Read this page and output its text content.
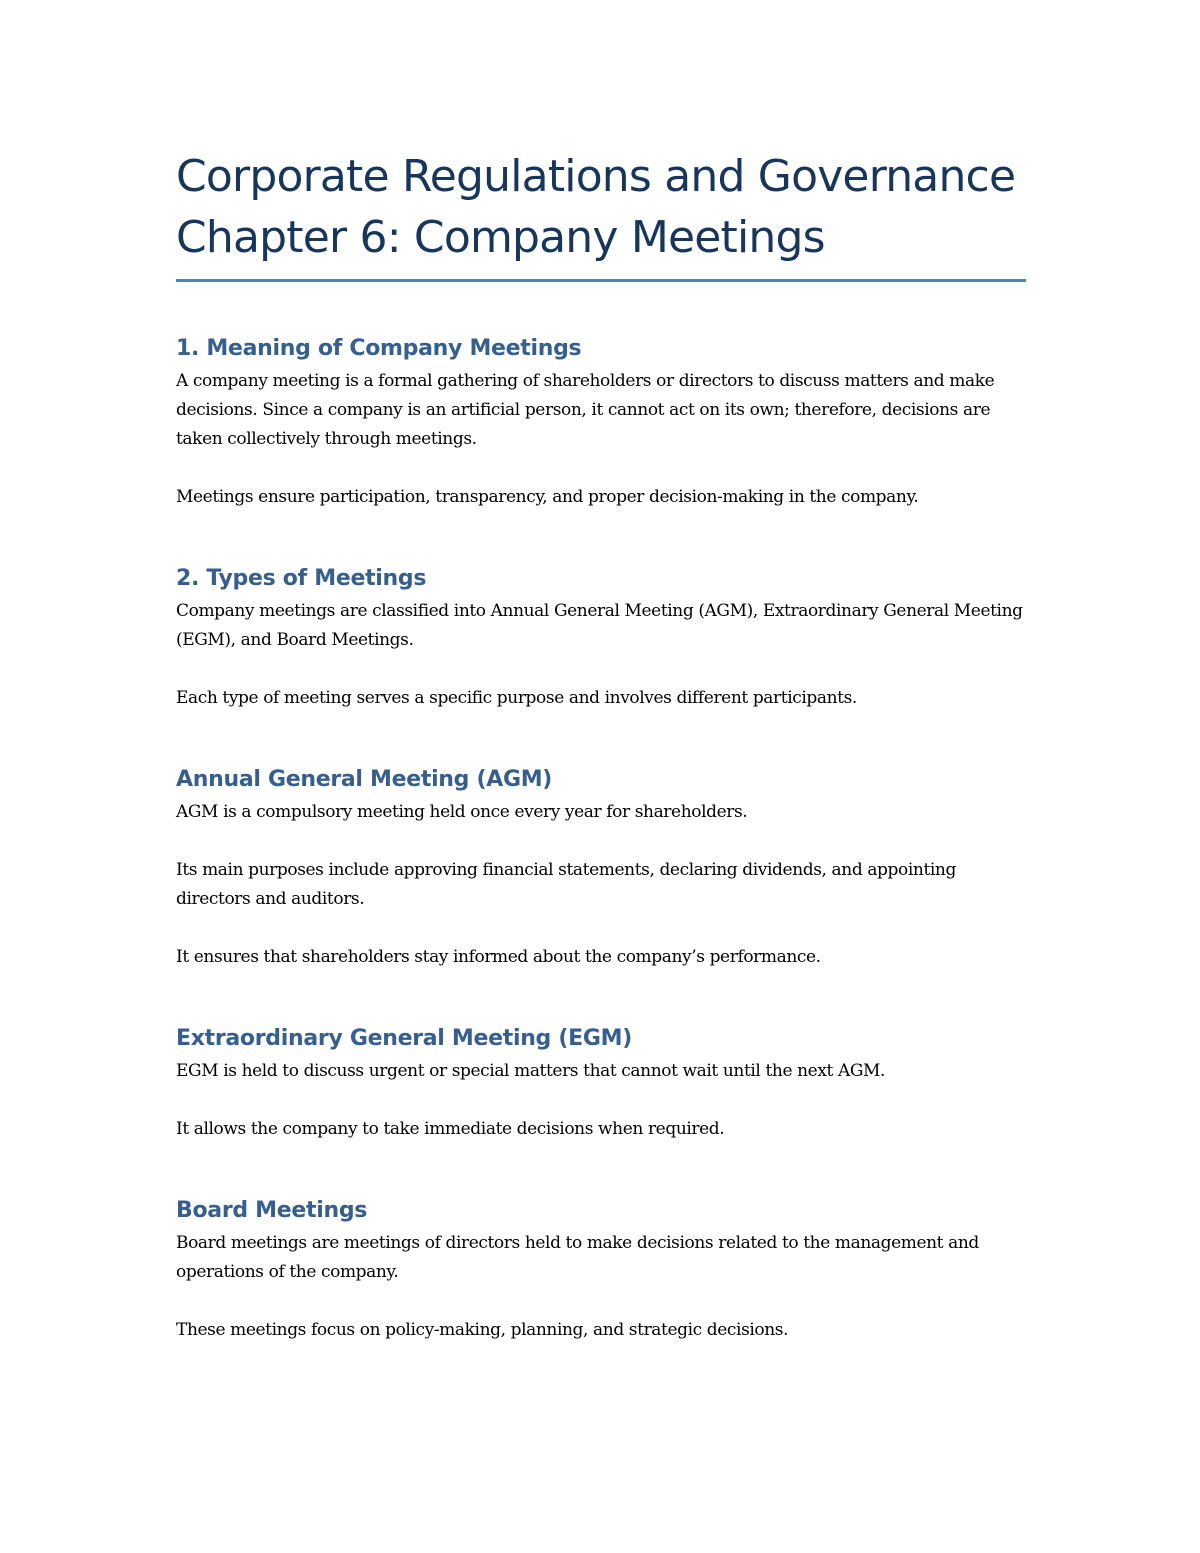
Corporate Regulations and Governance
Chapter 6: Company Meetings
1. Meaning of Company Meetings

A company meeting is a formal gathering of shareholders or directors to discuss matters and make decisions. Since a company is an artificial person, it cannot act on its own; therefore, decisions are taken collectively through meetings.

Meetings ensure participation, transparency, and proper decision-making in the company.

2. Types of Meetings

Company meetings are classified into Annual General Meeting (AGM), Extraordinary General Meeting (EGM), and Board Meetings.

Each type of meeting serves a specific purpose and involves different participants.

Annual General Meeting (AGM)

AGM is a compulsory meeting held once every year for shareholders.

Its main purposes include approving financial statements, declaring dividends, and appointing directors and auditors.

It ensures that shareholders stay informed about the company’s performance.

Extraordinary General Meeting (EGM)

EGM is held to discuss urgent or special matters that cannot wait until the next AGM.

It allows the company to take immediate decisions when required.

Board Meetings

Board meetings are meetings of directors held to make decisions related to the management and operations of the company.

These meetings focus on policy-making, planning, and strategic decisions.
